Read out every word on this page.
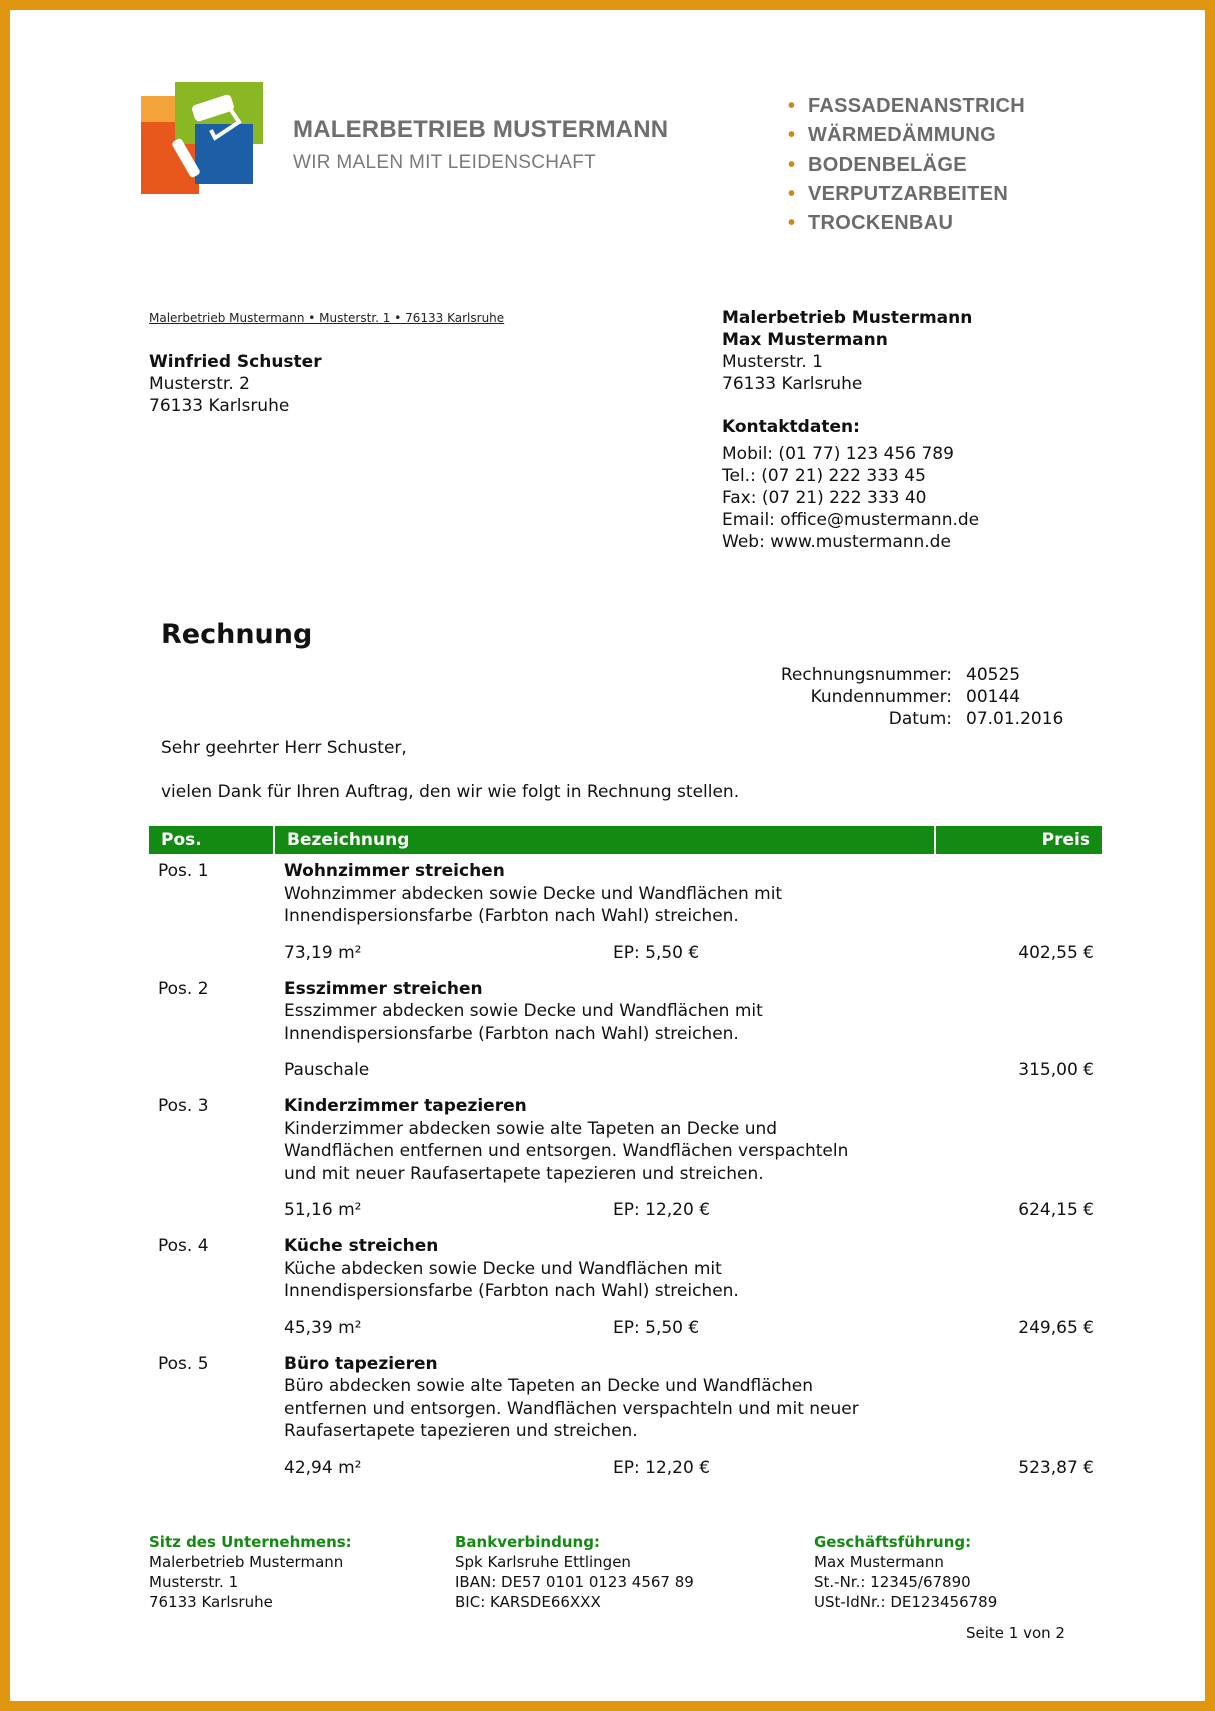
MALERBETRIEB MUSTERMANN
WIR MALEN MIT LEIDENSCHAFT
• FASSADENANSTRICH
• WÄRMEDÄMMUNG
• BODENBELÄGE
• VERPUTZARBEITEN
• TROCKENBAU
Malerbetrieb Mustermann • Musterstr. 1 • 76133 Karlsruhe
Winfried Schuster
Musterstr. 2
76133 Karlsruhe
Malerbetrieb Mustermann
Max Mustermann
Musterstr. 1
76133 Karlsruhe
Kontaktdaten:
Mobil: (01 77) 123 456 789
Tel.: (07 21) 222 333 45
Fax: (07 21) 222 333 40
Email: office@mustermann.de
Web: www.mustermann.de
Rechnung
Rechnungsnummer: 40525
Kundennummer: 00144
Datum: 07.01.2016
Sehr geehrter Herr Schuster,
vielen Dank für Ihren Auftrag, den wir wie folgt in Rechnung stellen.
Pos.	Bezeichnung	Preis
Pos. 1	Wohnzimmer streichen
Wohnzimmer abdecken sowie Decke und Wandflächen mit
Innendispersionsfarbe (Farbton nach Wahl) streichen.
73,19 m²	EP: 5,50 €	402,55 €
Pos. 2	Esszimmer streichen
Esszimmer abdecken sowie Decke und Wandflächen mit
Innendispersionsfarbe (Farbton nach Wahl) streichen.
Pauschale	315,00 €
Pos. 3	Kinderzimmer tapezieren
Kinderzimmer abdecken sowie alte Tapeten an Decke und
Wandflächen entfernen und entsorgen. Wandflächen verspachteln
und mit neuer Raufasertapete tapezieren und streichen.
51,16 m²	EP: 12,20 €	624,15 €
Pos. 4	Küche streichen
Küche abdecken sowie Decke und Wandflächen mit
Innendispersionsfarbe (Farbton nach Wahl) streichen.
45,39 m²	EP: 5,50 €	249,65 €
Pos. 5	Büro tapezieren
Büro abdecken sowie alte Tapeten an Decke und Wandflächen
entfernen und entsorgen. Wandflächen verspachteln und mit neuer
Raufasertapete tapezieren und streichen.
42,94 m²	EP: 12,20 €	523,87 €
Sitz des Unternehmens:
Malerbetrieb Mustermann
Musterstr. 1
76133 Karlsruhe
Bankverbindung:
Spk Karlsruhe Ettlingen
IBAN: DE57 0101 0123 4567 89
BIC: KARSDE66XXX
Geschäftsführung:
Max Mustermann
St.-Nr.: 12345/67890
USt-IdNr.: DE123456789
Seite 1 von 2
